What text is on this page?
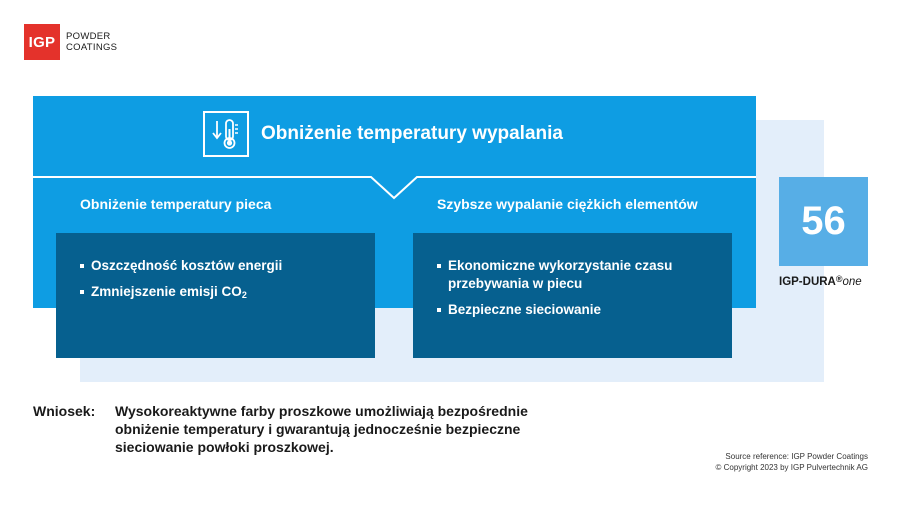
IGP	POWDER
COATINGS
Obniżenie temperatury wypalania
Obniżenie temperatury pieca	Szybsze wypalanie ciężkich elementów
Oszczędność kosztów energii
Zmniejszenie emisji $CO_2$
Ekonomiczne wykorzystanie czasu przebywania w piecu
Bezpieczne sieciowanie
56
IGP-DURA®one
Wniosek:	Wysokoreaktywne farby proszkowe umożliwiają bezpośrednie obniżenie temperatury i gwarantują jednocześnie bezpieczne sieciowanie powłoki proszkowej.
Source reference: IGP Powder Coatings
© Copyright 2023 by IGP Pulvertechnik AG
